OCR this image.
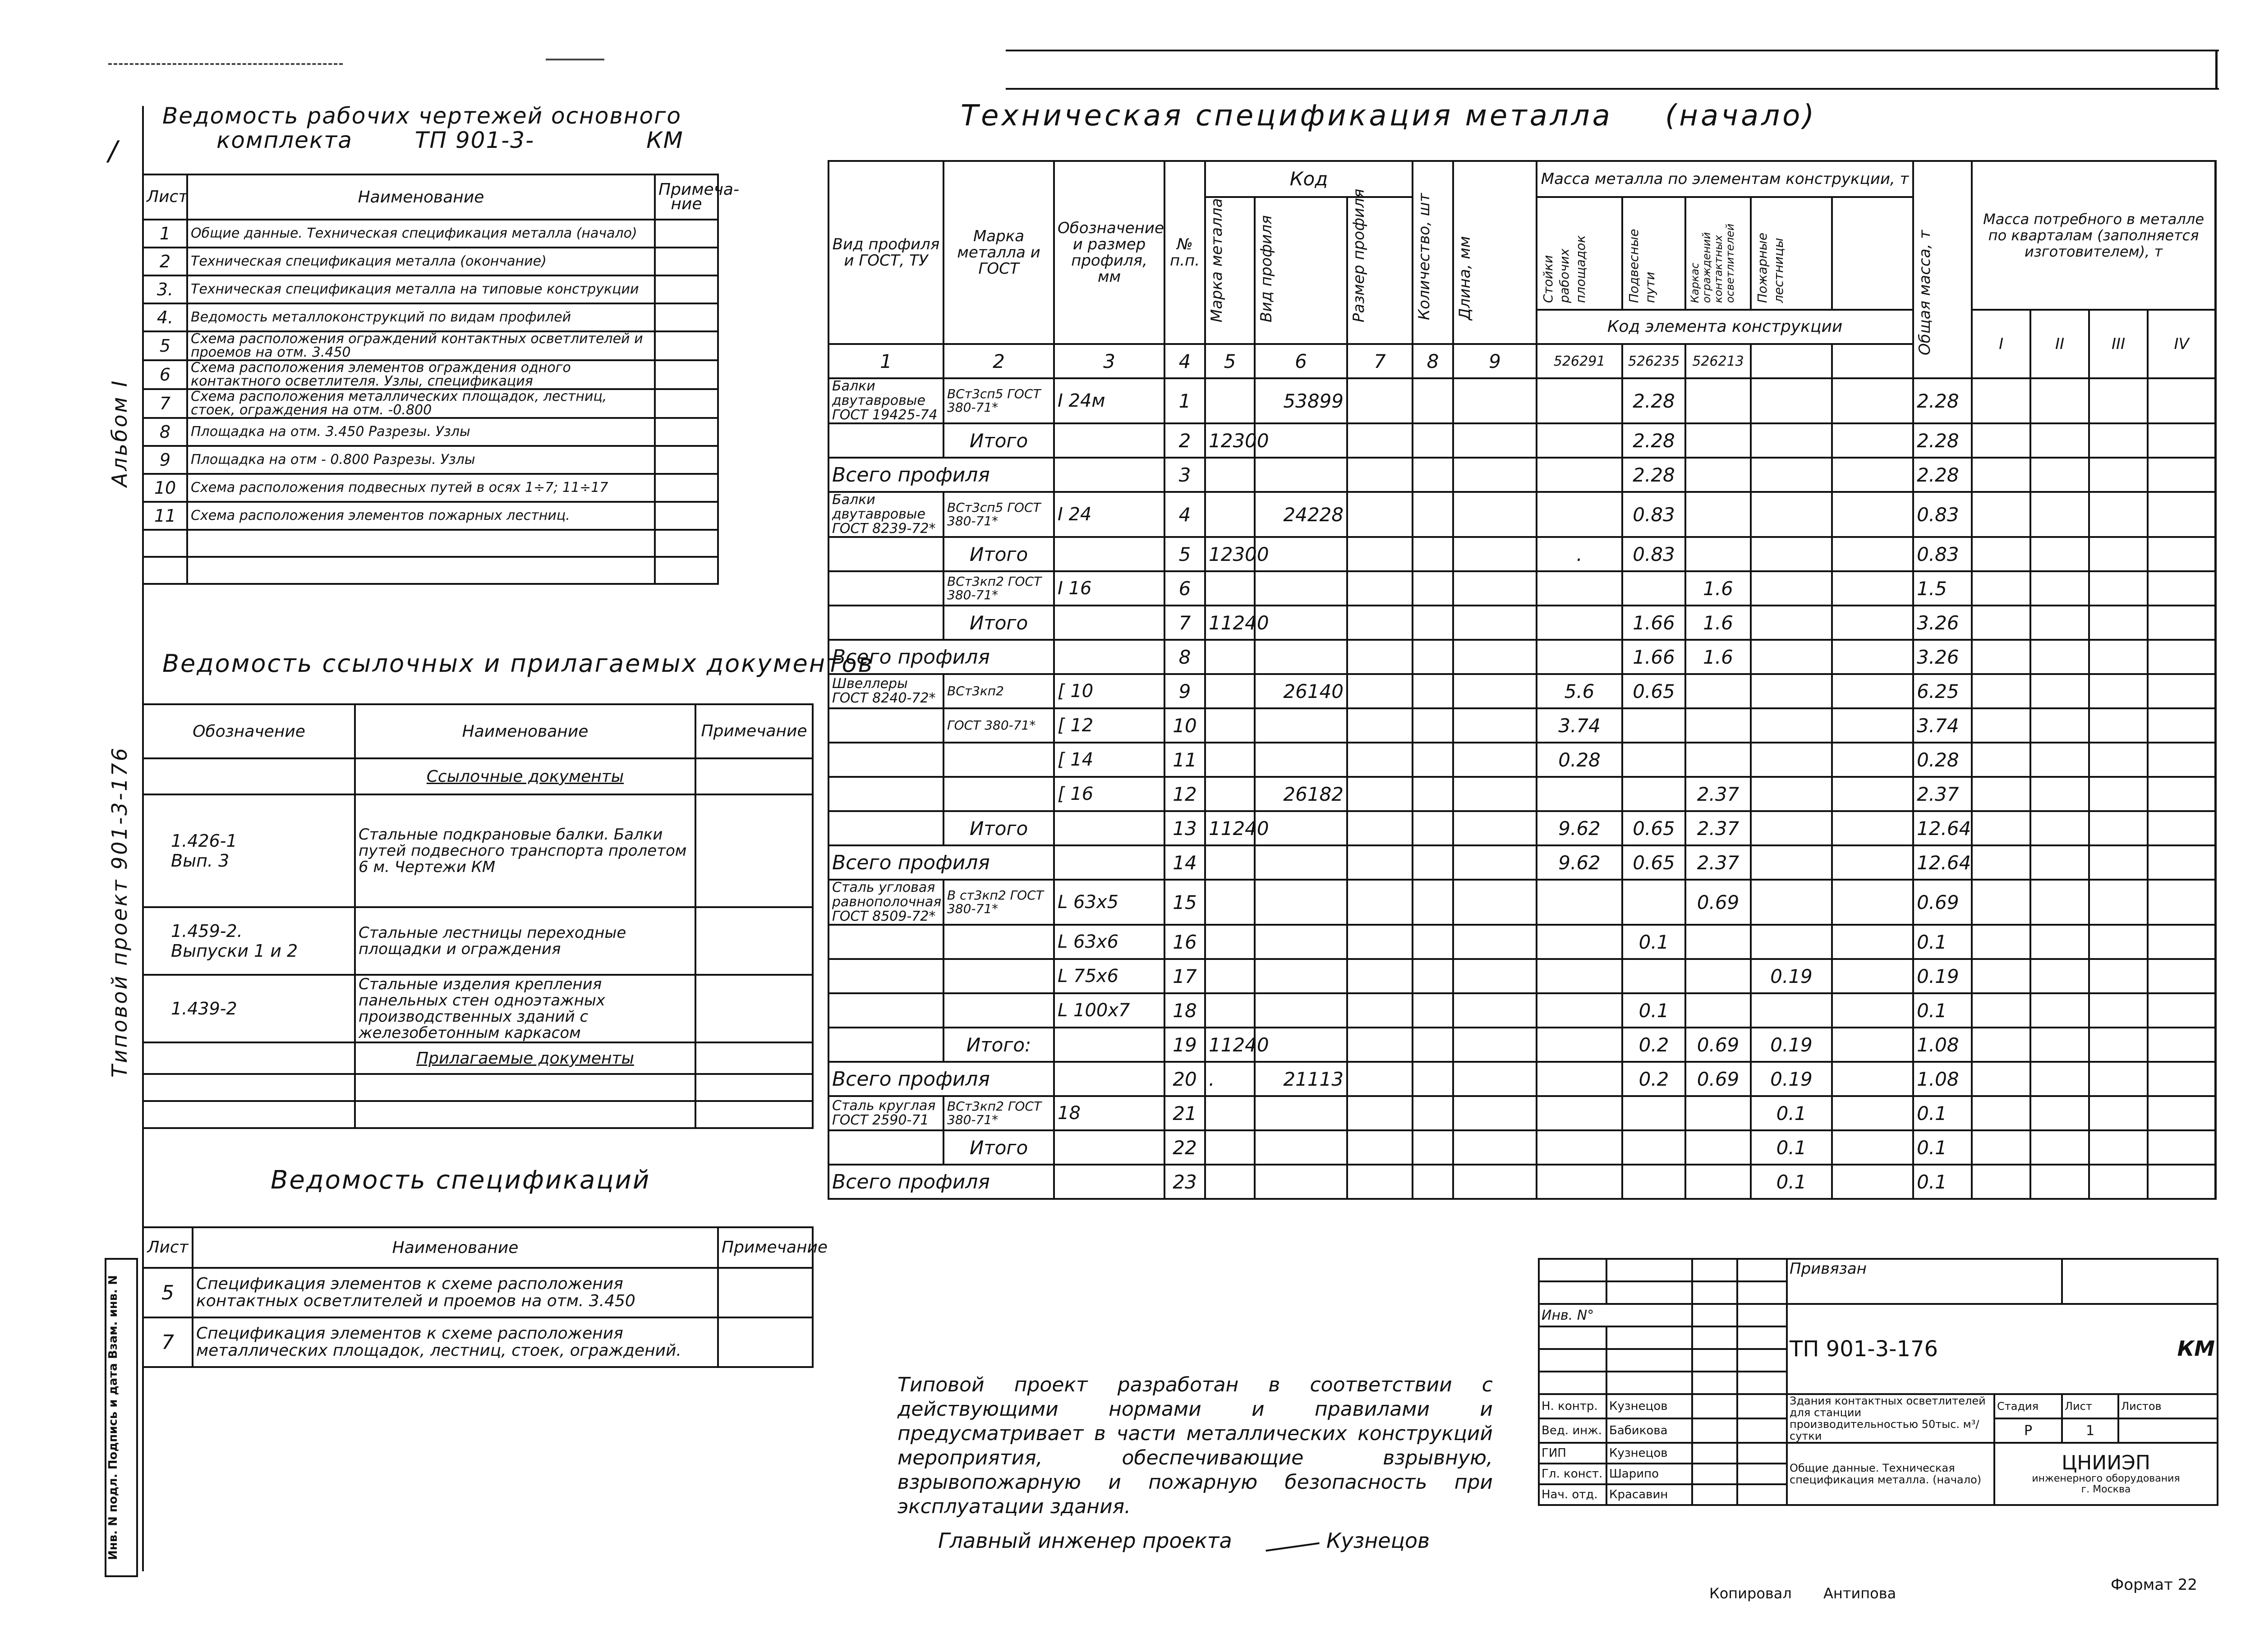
Альбом I
Типовой проект 901-3-176
Инв. N подл. Подпись и дата Взам. инв. N
/
Ведомость рабочих чертежей основного
комплекта	ТП 901-3-	КМ
Лист	Наименование	Примеча-ние
1	Общие данные. Техническая спецификация металла (начало)	
2	Техническая спецификация металла (окончание)	
3.	Техническая спецификация металла на типовые конструкции	
4.	Ведомость металлоконструкций по видам профилей	
5	Схема расположения ограждений контактных осветлителей и проемов на отм. 3.450	
6	Схема расположения элементов ограждения одного контактного осветлителя. Узлы, спецификация	
7	Схема расположения металлических площадок, лестниц, стоек, ограждения на отм. -0.800	
8	Площадка на отм. 3.450 Разрезы. Узлы	
9	Площадка на отм - 0.800 Разрезы. Узлы	
10	Схема расположения подвесных путей в осях 1÷7; 11÷17	
11	Схема расположения элементов пожарных лестниц.	

Ведомость ссылочных и прилагаемых документов
Обозначение	Наименование	Примечание
	Ссылочные документы	
1.426-1
Вып. 3	Стальные подкрановые балки. Балки путей подвесного транспорта пролетом 6 м. Чертежи КМ	
1.459-2.
Выпуски 1 и 2	Стальные лестницы переходные площадки и ограждения	
1.439-2	Стальные изделия крепления панельных стен одноэтажных производственных зданий с железобетонным каркасом	
	Прилагаемые документы	

Ведомость спецификаций
Лист	Наименование	Примечание
5	Спецификация элементов к схеме расположения контактных осветлителей и проемов на отм. 3.450	
7	Спецификация элементов к схеме расположения металлических площадок, лестниц, стоек, ограждений.	
Техническая спецификация металла (начало)
Вид профиля и ГОСТ, ТУ	Марка металла и ГОСТ	Обозначение и размер профиля, мм	№ п.п.	Код			Количество, шт	Длина, мм	Масса металла по элементам конструкции, т					Общая масса, т	Масса потребного в металле по кварталам (заполняется изготовителем), т	

				Марка металла	Вид профиля	Размер профиля			Стойки рабочих площадок	Подвесные пути	Каркас ограждений контактных осветлителей	Пожарные лестницы							

									Код элемента конструкции						I	II	III	IV	
1	2	3	4	5	6	7	8	9	526291	526235	526213								
Балки двутавровые ГОСТ 19425-74	ВСт3сп5 ГОСТ 380-71*	I 24м	1		53899					2.28				2.28					
	Итого		2	12300						2.28				2.28					
Всего профиля			3							2.28				2.28					
Балки двутавровые ГОСТ 8239-72*	ВСт3сп5 ГОСТ 380-71*	I 24	4		24228					0.83				0.83					
	Итого		5	12300					.	0.83				0.83					
	ВСт3кп2 ГОСТ 380-71*	I 16	6								1.6			1.5					
	Итого		7	11240						1.66	1.6			3.26					
Всего профиля			8							1.66	1.6			3.26					
Швеллеры ГОСТ 8240-72*	ВСт3кп2	[ 10	9		26140				5.6	0.65				6.25					
	ГОСТ 380-71*	[ 12	10						3.74					3.74					
		[ 14	11						0.28					0.28					
		[ 16	12		26182						2.37			2.37					
	Итого		13	11240					9.62	0.65	2.37			12.64					
Всего профиля			14						9.62	0.65	2.37			12.64					
Сталь угловая равнополочная ГОСТ 8509-72*	В ст3кп2 ГОСТ 380-71*	L 63x5	15								0.69			0.69					
		L 63x6	16							0.1				0.1					
		L 75x6	17									0.19		0.19					
		L 100x7	18							0.1				0.1					
	Итого:		19	11240						0.2	0.69	0.19		1.08					
Всего профиля			20	.	21113					0.2	0.69	0.19		1.08					
Сталь круглая ГОСТ 2590-71	ВСт3кп2 ГОСТ 380-71*	18	21									0.1		0.1					
	Итого		22									0.1		0.1					
Всего профиля			23									0.1		0.1					
Типовой проект разработан в соответствии с действующими нормами и правилами и предусматривает в части металлических конструкций мероприятия, обеспечивающие взрывную, взрывопожарную и пожарную безопасность при эксплуатации здания.
Главный инженер проекта	Кузнецов
				Привязан			

Инв. N°				ТП 901-3-176 КМ			

Н. контр.	Кузнецов			Здания контактных осветлителей для станции производительностью 50тыс. м³/сутки	Стадия	Лист	Листов
Вед. инж.	Бабикова				Р	1	
ГИП	Кузнецов			Общие данные. Техническая спецификация металла. (начало)	ЦНИИЭП
инженерного оборудования
г. Москва		

Гл. конст.	Шарипо						
Нач. отд.	Красавин						
Копировал Антипова	Формат 22
